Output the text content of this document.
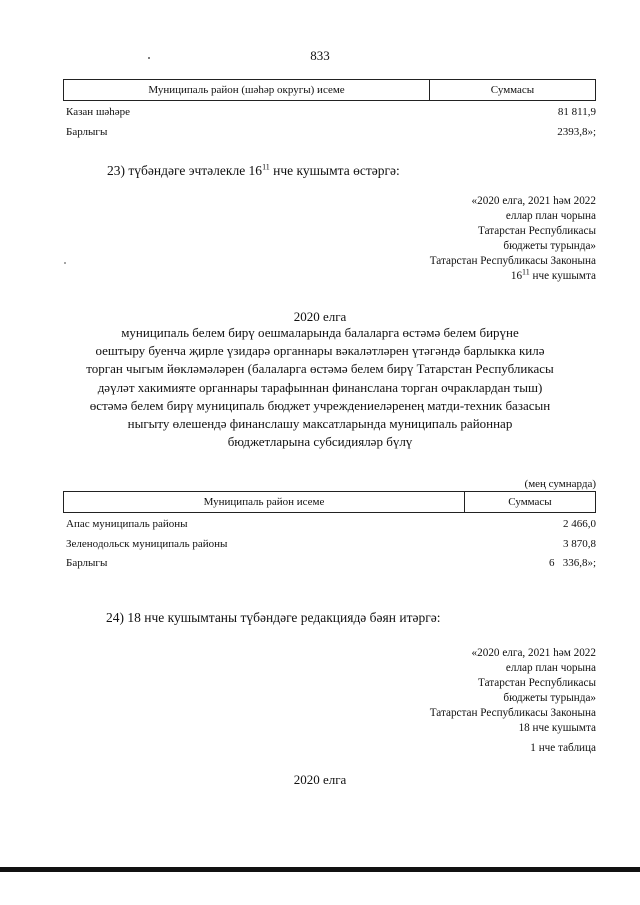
833
Муниципаль район (шәһәр округы) исеме	Суммасы
Казан шәһәре	81 811,9
Барлыгы	2393,8»;
23) түбәндәге эчтәлекле $16^{11}$ нче кушымта өстәргә:
«2020 елга, 2021 һәм 2022
еллар план чорына
Татарстан Республикасы
бюджеты турында»
Татарстан Республикасы Законына
$16^{11}$ нче кушымта
2020 елга
муниципаль белем бирү оешмаларында балаларга өстәмә белем бирүне
оештыру буенча җирле үзидарә органнары вәкаләтләрен үтәгәндә барлыкка килә
торган чыгым йөкләмәләрен (балаларга өстәмә белем бирү Татарстан Республикасы
дәүләт хакимияте органнары тарафыннан финанслана торган очраклардан тыш)
өстәмә белем бирү муниципаль бюджет учреждениеләренең матди-техник базасын
ныгыту өлешендә финанслашу максатларында муниципаль районнар
бюджетларына субсидияләр бүлү
(мең сумнарда)
Муниципаль район исеме	Суммасы
Апас муниципаль районы	2 466,0
Зеленодольск муниципаль районы	3 870,8
Барлыгы	6   336,8»;
24) 18 нче кушымтаны түбәндәге редакциядә бәян итәргә:
«2020 елга, 2021 һәм 2022
еллар план чорына
Татарстан Республикасы
бюджеты турында»
Татарстан Республикасы Законына
18 нче кушымта
1 нче таблица
2020 елга
